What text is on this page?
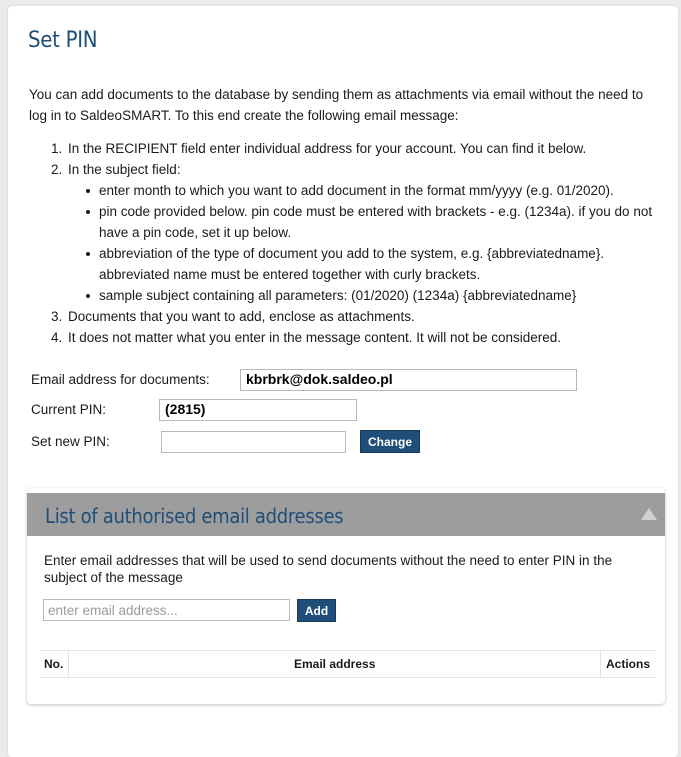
Set PIN
You can add documents to the database by sending them as attachments via email without the need to log in to SaldeoSMART. To this end create the following email message:
1. In the RECIPIENT field enter individual address for your account. You can find it below.
2. In the subject field:
enter month to which you want to add document in the format mm/yyyy (e.g. 01/2020).
pin code provided below. pin code must be entered with brackets - e.g. (1234a). if you do not have a pin code, set it up below.
abbreviation of the type of document you add to the system, e.g. {abbreviatedname}. abbreviated name must be entered together with curly brackets.
sample subject containing all parameters: (01/2020) (1234a) {abbreviatedname}
3. Documents that you want to add, enclose as attachments.
4. It does not matter what you enter in the message content. It will not be considered.
Email address for documents:	kbrbrk@dok.saldeo.pl
Current PIN:	(2815)
Set new PIN:	Change
List of authorised email addresses
Enter email addresses that will be used to send documents without the need to enter PIN in the subject of the message
enter email address...
Add
No.	Email address	Actions
